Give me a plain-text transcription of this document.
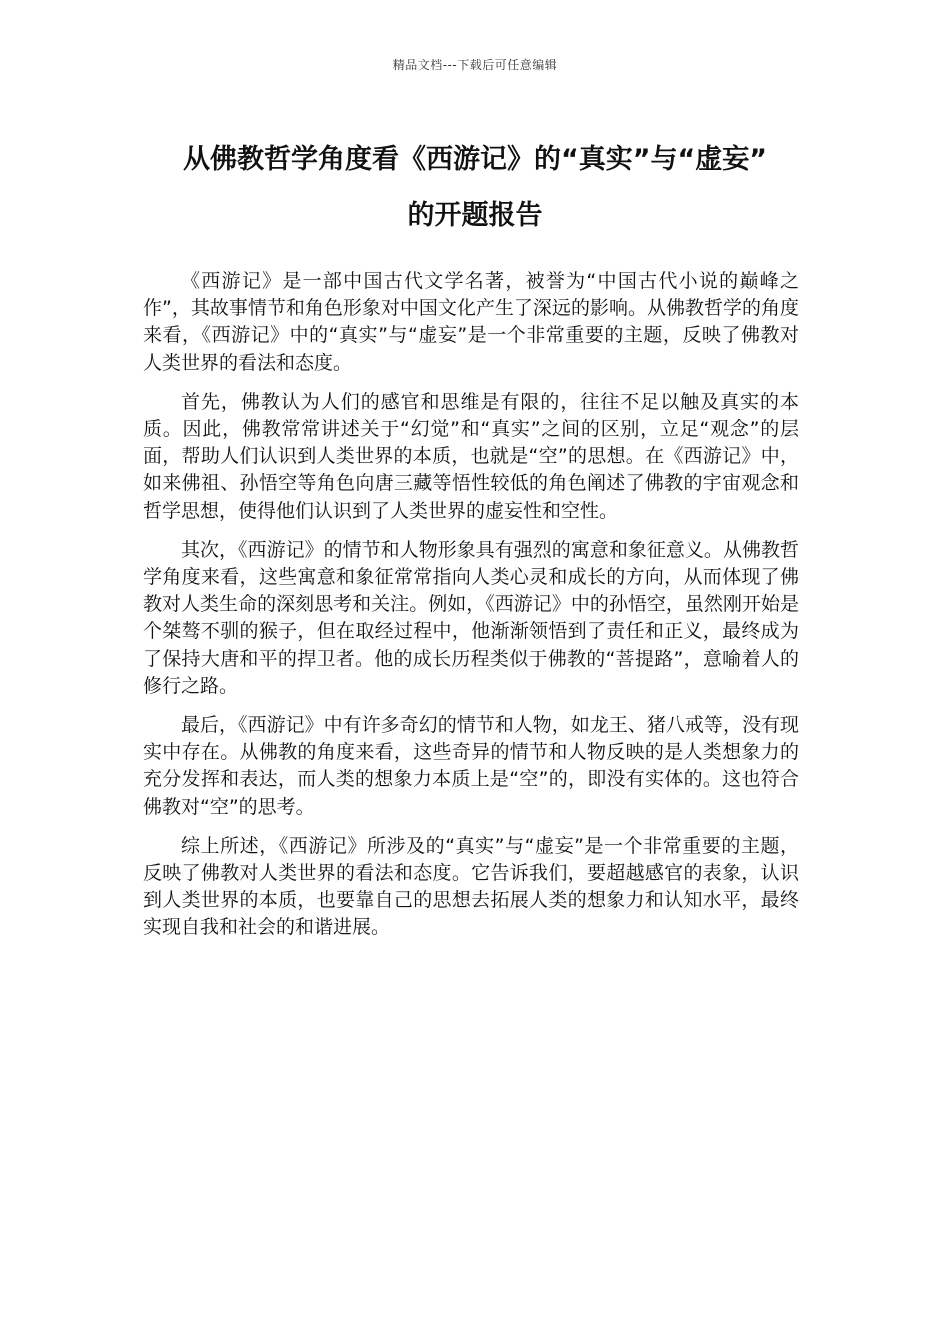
精品文档---下载后可任意编辑
从佛教哲学角度看《西游记》的“真实”与“虚妄”
的开题报告

《西游记》是一部中国古代文学名著，被誉为“中国古代小说的巅峰之作”，其故事情节和角色形象对中国文化产生了深远的影响。从佛教哲学的角度来看，《西游记》中的“真实”与“虚妄”是一个非常重要的主题，反映了佛教对人类世界的看法和态度。

首先，佛教认为人们的感官和思维是有限的，往往不足以触及真实的本质。因此，佛教常常讲述关于“幻觉”和“真实”之间的区别，立足“观念”的层面，帮助人们认识到人类世界的本质，也就是“空”的思想。在《西游记》中，如来佛祖、孙悟空等角色向唐三藏等悟性较低的角色阐述了佛教的宇宙观念和哲学思想，使得他们认识到了人类世界的虚妄性和空性。

其次，《西游记》的情节和人物形象具有强烈的寓意和象征意义。从佛教哲学角度来看，这些寓意和象征常常指向人类心灵和成长的方向，从而体现了佛教对人类生命的深刻思考和关注。例如，《西游记》中的孙悟空，虽然刚开始是个桀骜不驯的猴子，但在取经过程中，他渐渐领悟到了责任和正义，最终成为了保持大唐和平的捍卫者。他的成长历程类似于佛教的“菩提路”，意喻着人的修行之路。

最后，《西游记》中有许多奇幻的情节和人物，如龙王、猪八戒等，没有现实中存在。从佛教的角度来看，这些奇异的情节和人物反映的是人类想象力的充分发挥和表达，而人类的想象力本质上是“空”的，即没有实体的。这也符合佛教对“空”的思考。

综上所述，《西游记》所涉及的“真实”与“虚妄”是一个非常重要的主题，反映了佛教对人类世界的看法和态度。它告诉我们，要超越感官的表象，认识到人类世界的本质，也要靠自己的思想去拓展人类的想象力和认知水平，最终实现自我和社会的和谐进展。
